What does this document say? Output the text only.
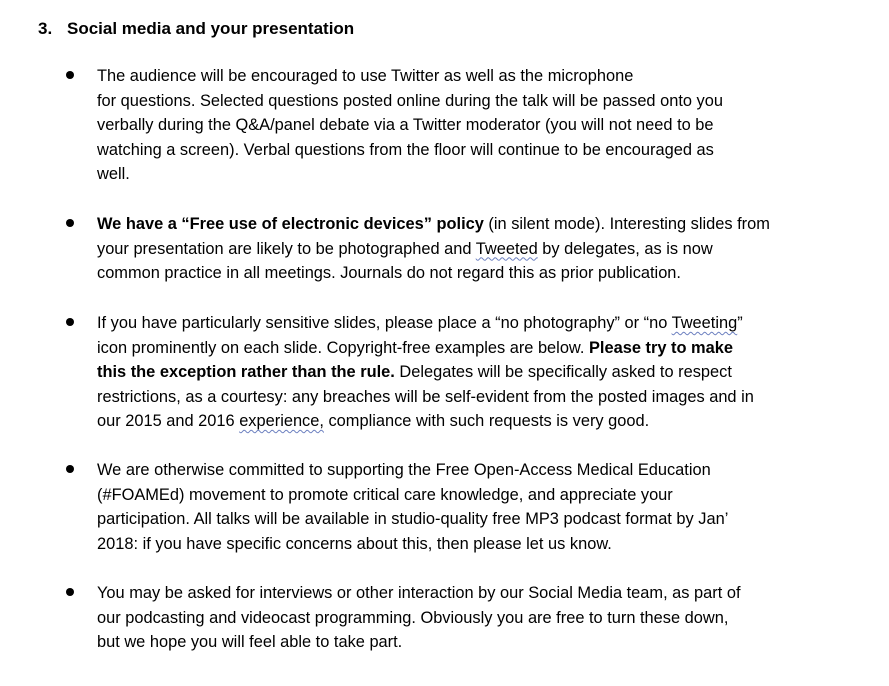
3. Social media and your presentation
The audience will be encouraged to use Twitter as well as the microphone
for questions. Selected questions posted online during the talk will be passed onto you
verbally during the Q&A/panel debate via a Twitter moderator (you will not need to be
watching a screen). Verbal questions from the floor will continue to be encouraged as
well.
We have a “Free use of electronic devices” policy (in silent mode). Interesting slides from
your presentation are likely to be photographed and Tweeted by delegates, as is now
common practice in all meetings. Journals do not regard this as prior publication.
If you have particularly sensitive slides, please place a “no photography” or “no Tweeting”
icon prominently on each slide. Copyright-free examples are below. Please try to make
this the exception rather than the rule. Delegates will be specifically asked to respect
restrictions, as a courtesy: any breaches will be self-evident from the posted images and in
our 2015 and 2016 experience, compliance with such requests is very good.
We are otherwise committed to supporting the Free Open-Access Medical Education
(#FOAMEd) movement to promote critical care knowledge, and appreciate your
participation. All talks will be available in studio-quality free MP3 podcast format by Jan’
2018: if you have specific concerns about this, then please let us know.
You may be asked for interviews or other interaction by our Social Media team, as part of
our podcasting and videocast programming. Obviously you are free to turn these down,
but we hope you will feel able to take part.
